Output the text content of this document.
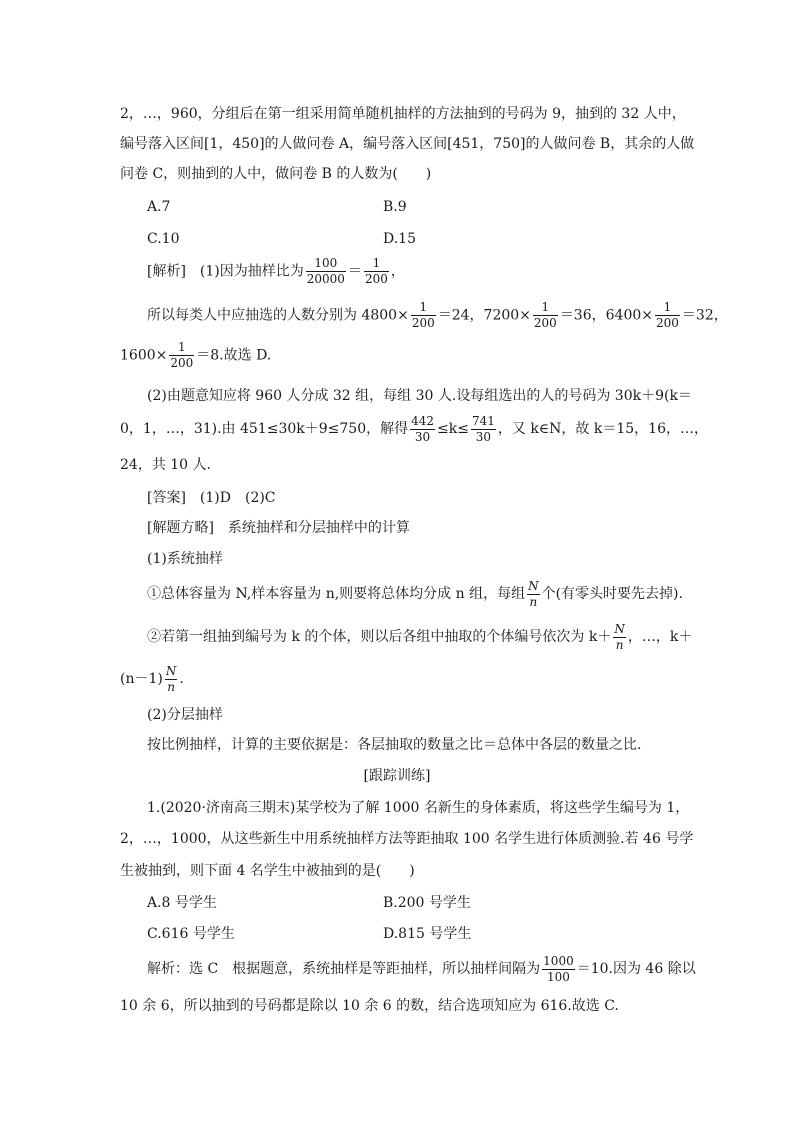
2，…，960，分组后在第一组采用简单随机抽样的方法抽到的号码为 9，抽到的 32 人中，
编号落入区间[1，450]的人做问卷 A，编号落入区间[451，750]的人做问卷 B，其余的人做
问卷 C，则抽到的人中，做问卷 B 的人数为(　　)
A.7	B.9
C.10	D.15
[解析]　(1)因为抽样比为 $\frac{100}{20000} = \frac{1}{200}$ ，
所以每类人中应抽选的人数分别为 $4800\times \frac{1}{200} =24$，$7200\times \frac{1}{200} =36$，$6400\times \frac{1}{200} =32$，
$1600\times \frac{1}{200} =8$.故选 D.
(2)由题意知应将 960 人分成 32 组，每组 30 人.设每组选出的人的号码为 30k＋9(k＝
0，1，…，31).由 451≤30k＋9≤750，解得 $\frac{442}{30} \le k\le \frac{741}{30}$ ，又 k∈N，故 k＝15，16，…，
24，共 10 人.
[答案]　(1)D　(2)C
[解题方略]　系统抽样和分层抽样中的计算
(1)系统抽样
①总体容量为 N,样本容量为 n,则要将总体均分成 n 组，每组 $\frac{N}{n}$ 个(有零头时要先去掉).
②若第一组抽到编号为 k 的个体，则以后各组中抽取的个体编号依次为 $k+ \frac{N}{n}$ ，…，k＋
$(n-1) \frac{N}{n}$ .
(2)分层抽样
按比例抽样，计算的主要依据是：各层抽取的数量之比＝总体中各层的数量之比.
[跟踪训练]
1.(2020·济南高三期末)某学校为了解 1000 名新生的身体素质，将这些学生编号为 1，
2，…，1000，从这些新生中用系统抽样方法等距抽取 100 名学生进行体质测验.若 46 号学
生被抽到，则下面 4 名学生中被抽到的是(　　)
A.8 号学生	B.200 号学生
C.616 号学生	D.815 号学生
解析：选 C　根据题意，系统抽样是等距抽样，所以抽样间隔为 $\frac{1000}{100} =10$.因为 46 除以
10 余 6，所以抽到的号码都是除以 10 余 6 的数，结合选项知应为 616.故选 C.
